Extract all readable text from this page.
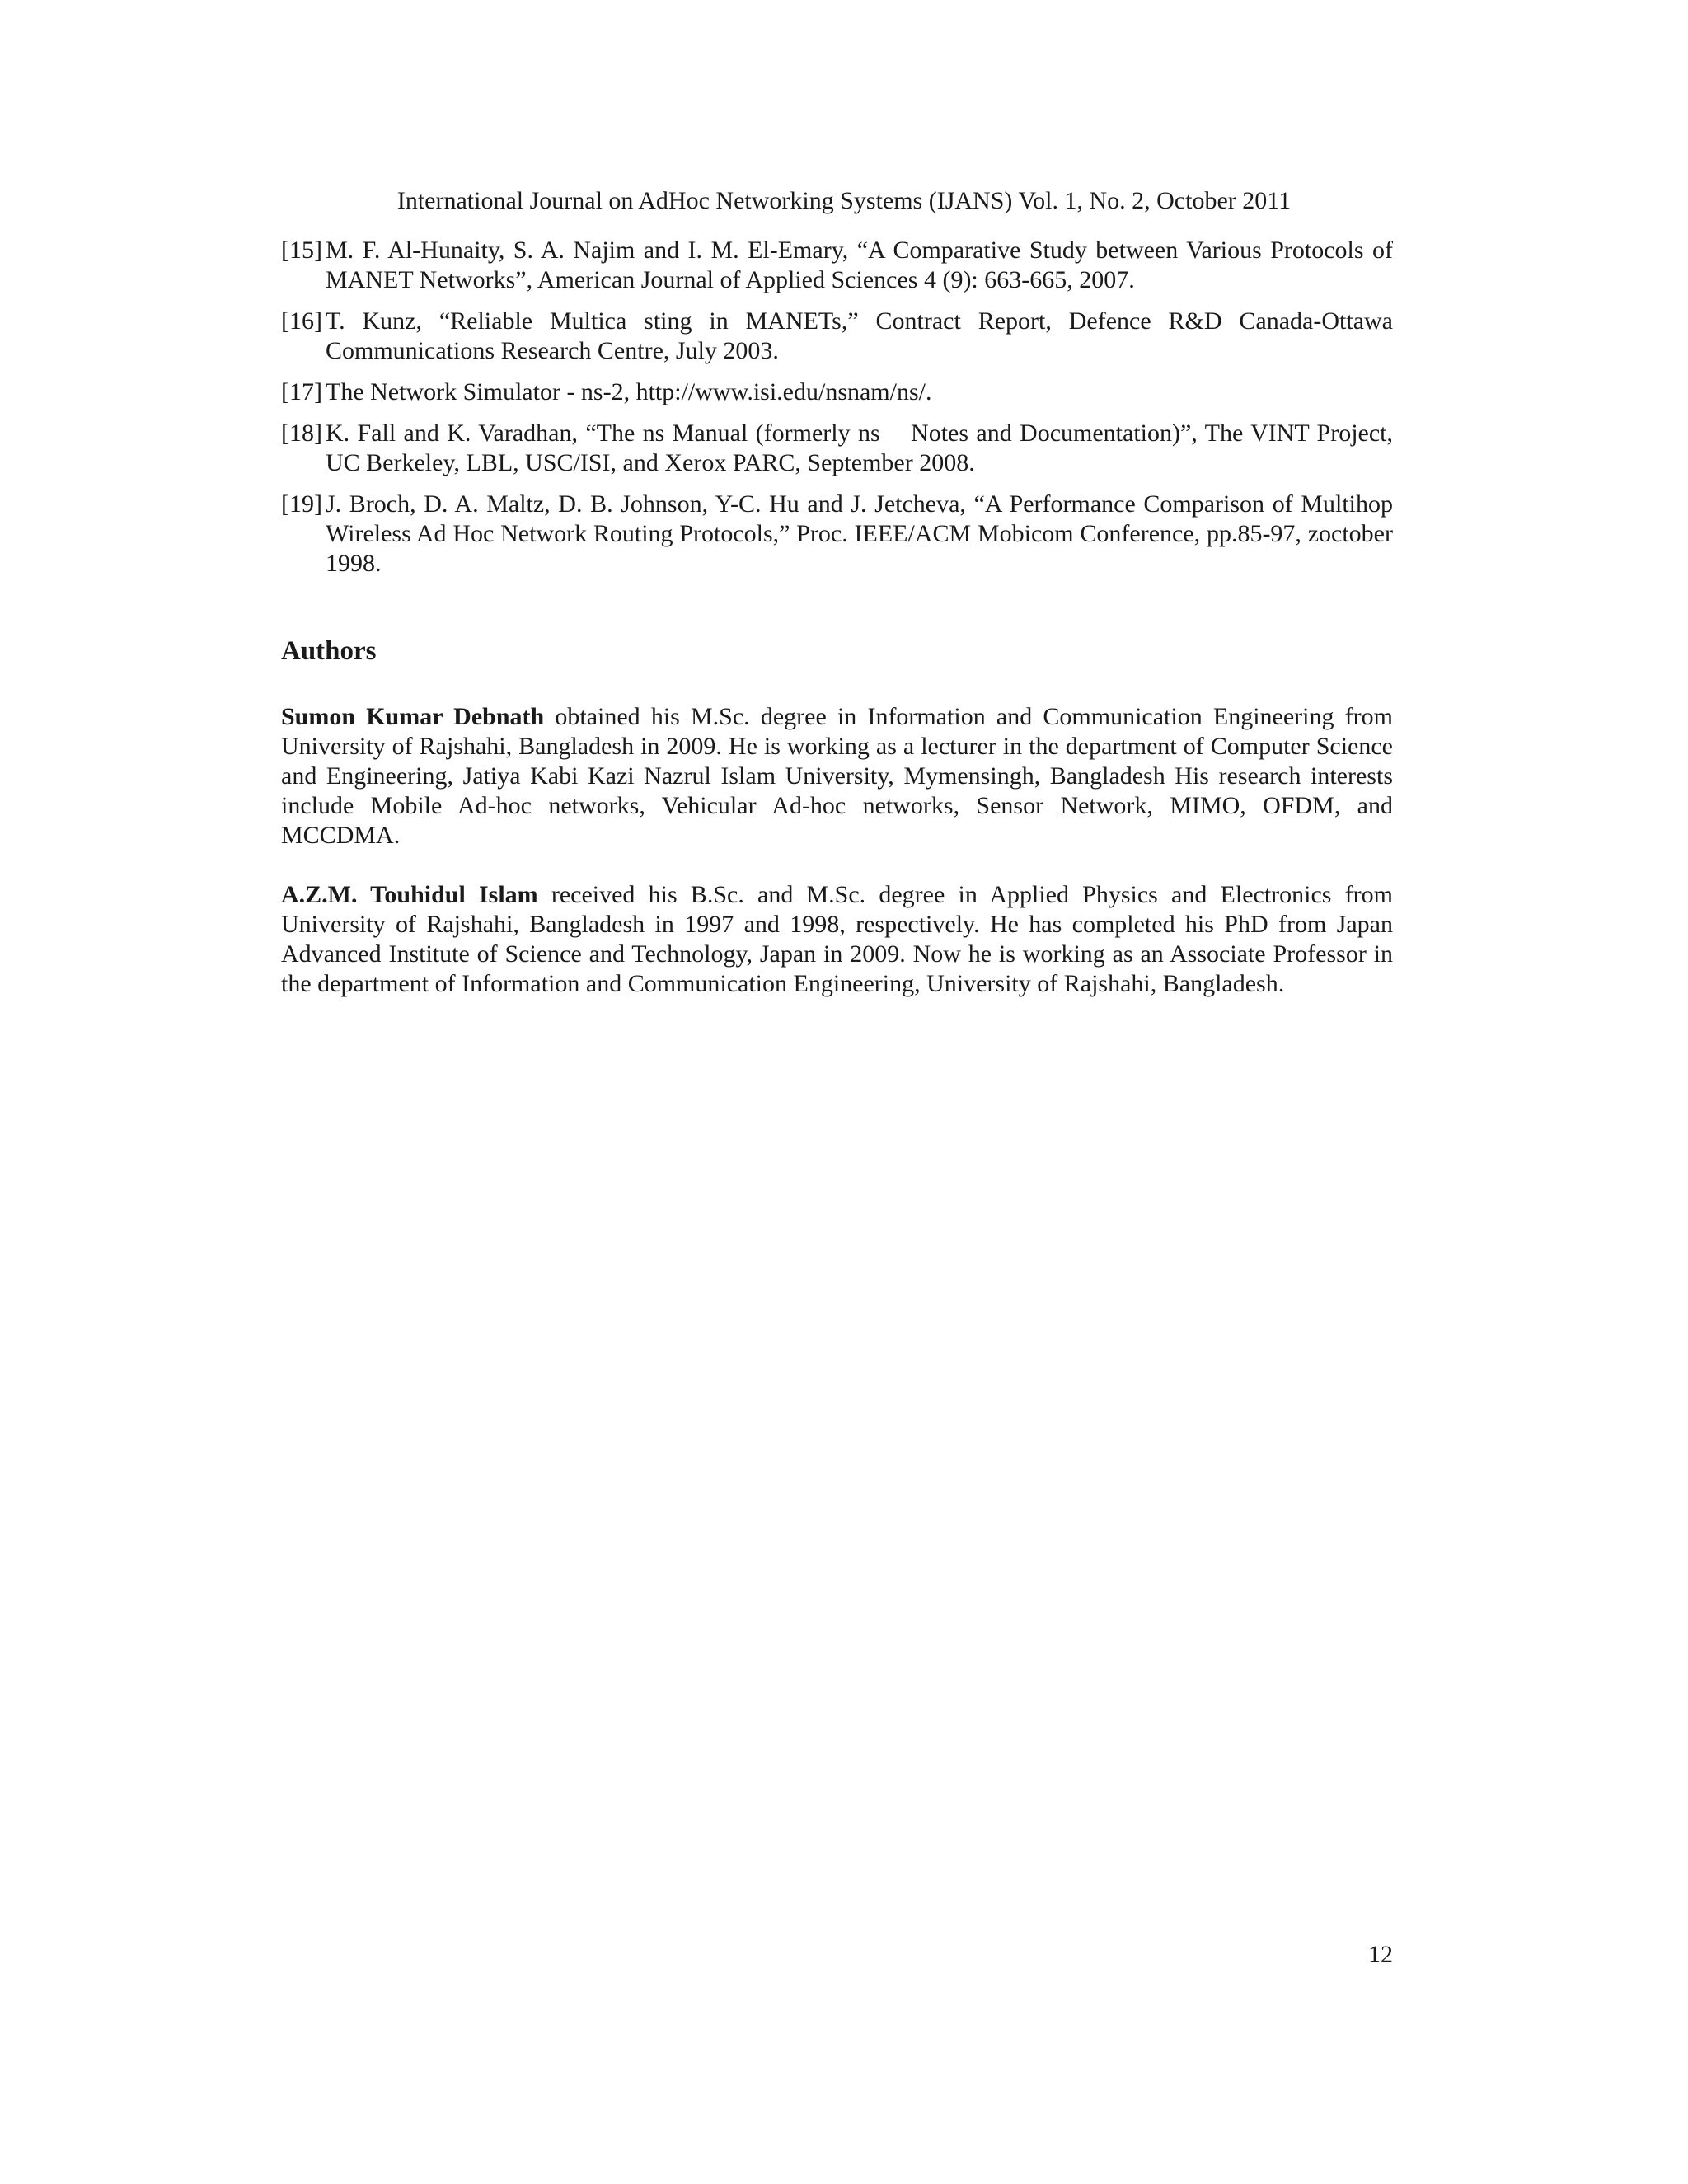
International Journal on AdHoc Networking Systems (IJANS) Vol. 1, No. 2, October 2011

[15] M. F. Al-Hunaity, S. A. Najim and I. M. El-Emary, “A Comparative Study between Various Protocols of MANET Networks”, American Journal of Applied Sciences 4 (9): 663-665, 2007.

[16] T. Kunz, “Reliable Multica sting in MANETs,” Contract Report, Defence R&D Canada-Ottawa Communications Research Centre, July 2003.

[17] The Network Simulator - ns-2, http://www.isi.edu/nsnam/ns/.

[18] K. Fall and K. Varadhan, “The ns Manual (formerly ns    Notes and Documentation)”, The VINT Project, UC Berkeley, LBL, USC/ISI, and Xerox PARC, September 2008.

[19] J. Broch, D. A. Maltz, D. B. Johnson, Y-C. Hu and J. Jetcheva, “A Performance Comparison of Multihop Wireless Ad Hoc Network Routing Protocols,” Proc. IEEE/ACM Mobicom Conference, pp.85-97, zoctober 1998.

Authors

Sumon Kumar Debnath obtained his M.Sc. degree in Information and Communication Engineering from University of Rajshahi, Bangladesh in 2009. He is working as a lecturer in the department of Computer Science and Engineering, Jatiya Kabi Kazi Nazrul Islam University, Mymensingh, Bangladesh His research interests include Mobile Ad-hoc networks, Vehicular Ad-hoc networks, Sensor Network, MIMO, OFDM, and MCCDMA.

A.Z.M. Touhidul Islam received his B.Sc. and M.Sc. degree in Applied Physics and Electronics from University of Rajshahi, Bangladesh in 1997 and 1998, respectively. He has completed his PhD from Japan Advanced Institute of Science and Technology, Japan in 2009. Now he is working as an Associate Professor in the department of Information and Communication Engineering, University of Rajshahi, Bangladesh.

12
